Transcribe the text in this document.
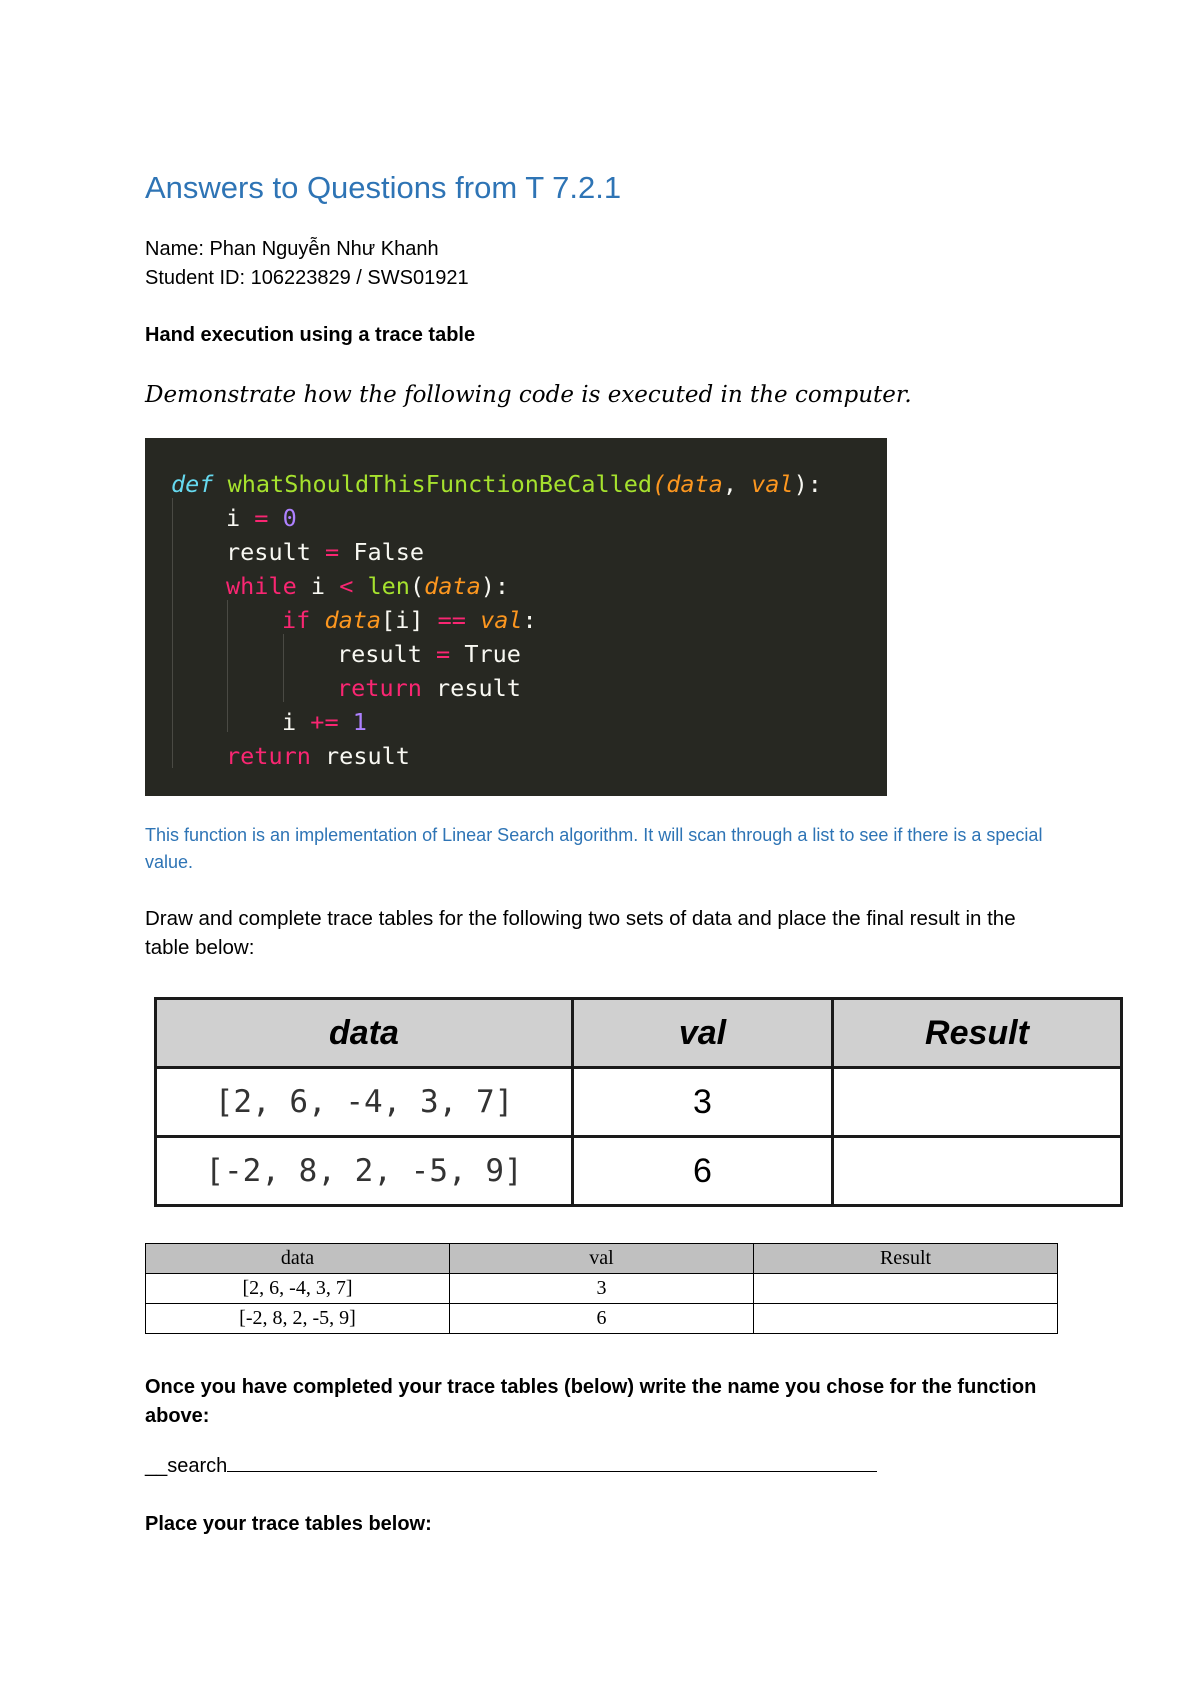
Answers to Questions from T 7.2.1
Name: Phan Nguyễn Như Khanh
Student ID: 106223829 / SWS01921
Hand execution using a trace table
Demonstrate how the following code is executed in the computer.
def whatShouldThisFunctionBeCalled(data, val):
i = 0
result = False
while i < len(data):
if data[i] == val:
result = True
return result
i += 1
return result
This function is an implementation of Linear Search algorithm. It will scan through a list to see if there is a special value.
Draw and complete trace tables for the following two sets of data and place the final result in the table below:
data	val	Result
[2, 6, -4, 3, 7]	3	
[-2, 8, 2, -5, 9]	6	
data	val	Result
[2, 6, -4, 3, 7]	3	
[-2, 8, 2, -5, 9]	6	
Once you have completed your trace tables (below) write the name you chose for the function above:
__search
Place your trace tables below:
